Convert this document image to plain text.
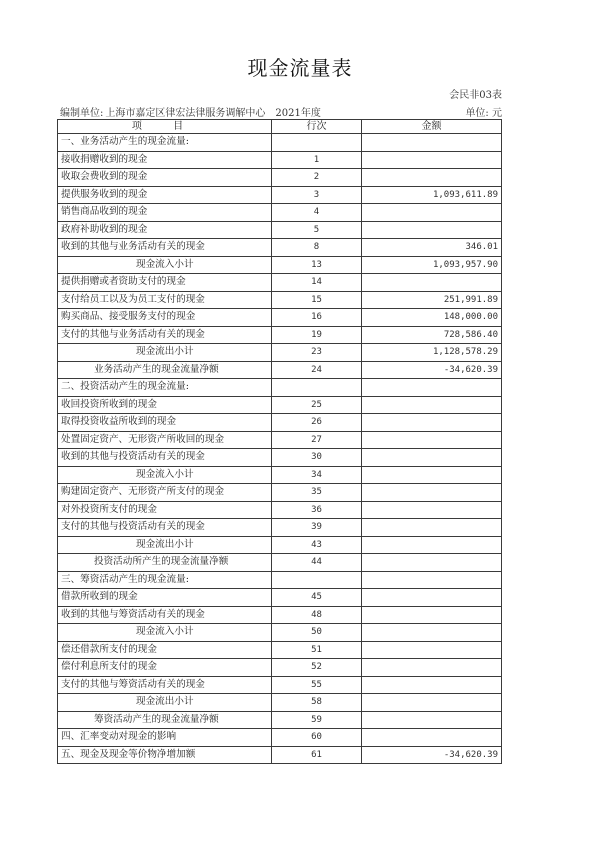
现金流量表
会民非03表
编制单位: 上海市嘉定区律宏法律服务调解中心 2021年度	单位: 元
项 目	行次	金额
一、业务活动产生的现金流量:		
接收捐赠收到的现金	1	
收取会费收到的现金	2	
提供服务收到的现金	3	1,093,611.89
销售商品收到的现金	4	
政府补助收到的现金	5	
收到的其他与业务活动有关的现金	8	346.01
现金流入小计	13	1,093,957.90
提供捐赠或者资助支付的现金	14	
支付给员工以及为员工支付的现金	15	251,991.89
购买商品、接受服务支付的现金	16	148,000.00
支付的其他与业务活动有关的现金	19	728,586.40
现金流出小计	23	1,128,578.29
业务活动产生的现金流量净额	24	-34,620.39
二、投资活动产生的现金流量:		
收回投资所收到的现金	25	
取得投资收益所收到的现金	26	
处置固定资产、无形资产所收回的现金	27	
收到的其他与投资活动有关的现金	30	
现金流入小计	34	
购建固定资产、无形资产所支付的现金	35	
对外投资所支付的现金	36	
支付的其他与投资活动有关的现金	39	
现金流出小计	43	
投资活动所产生的现金流量净额	44	
三、筹资活动产生的现金流量:		
借款所收到的现金	45	
收到的其他与筹资活动有关的现金	48	
现金流入小计	50	
偿还借款所支付的现金	51	
偿付利息所支付的现金	52	
支付的其他与筹资活动有关的现金	55	
现金流出小计	58	
筹资活动产生的现金流量净额	59	
四、汇率变动对现金的影响	60	
五、现金及现金等价物净增加额	61	-34,620.39
